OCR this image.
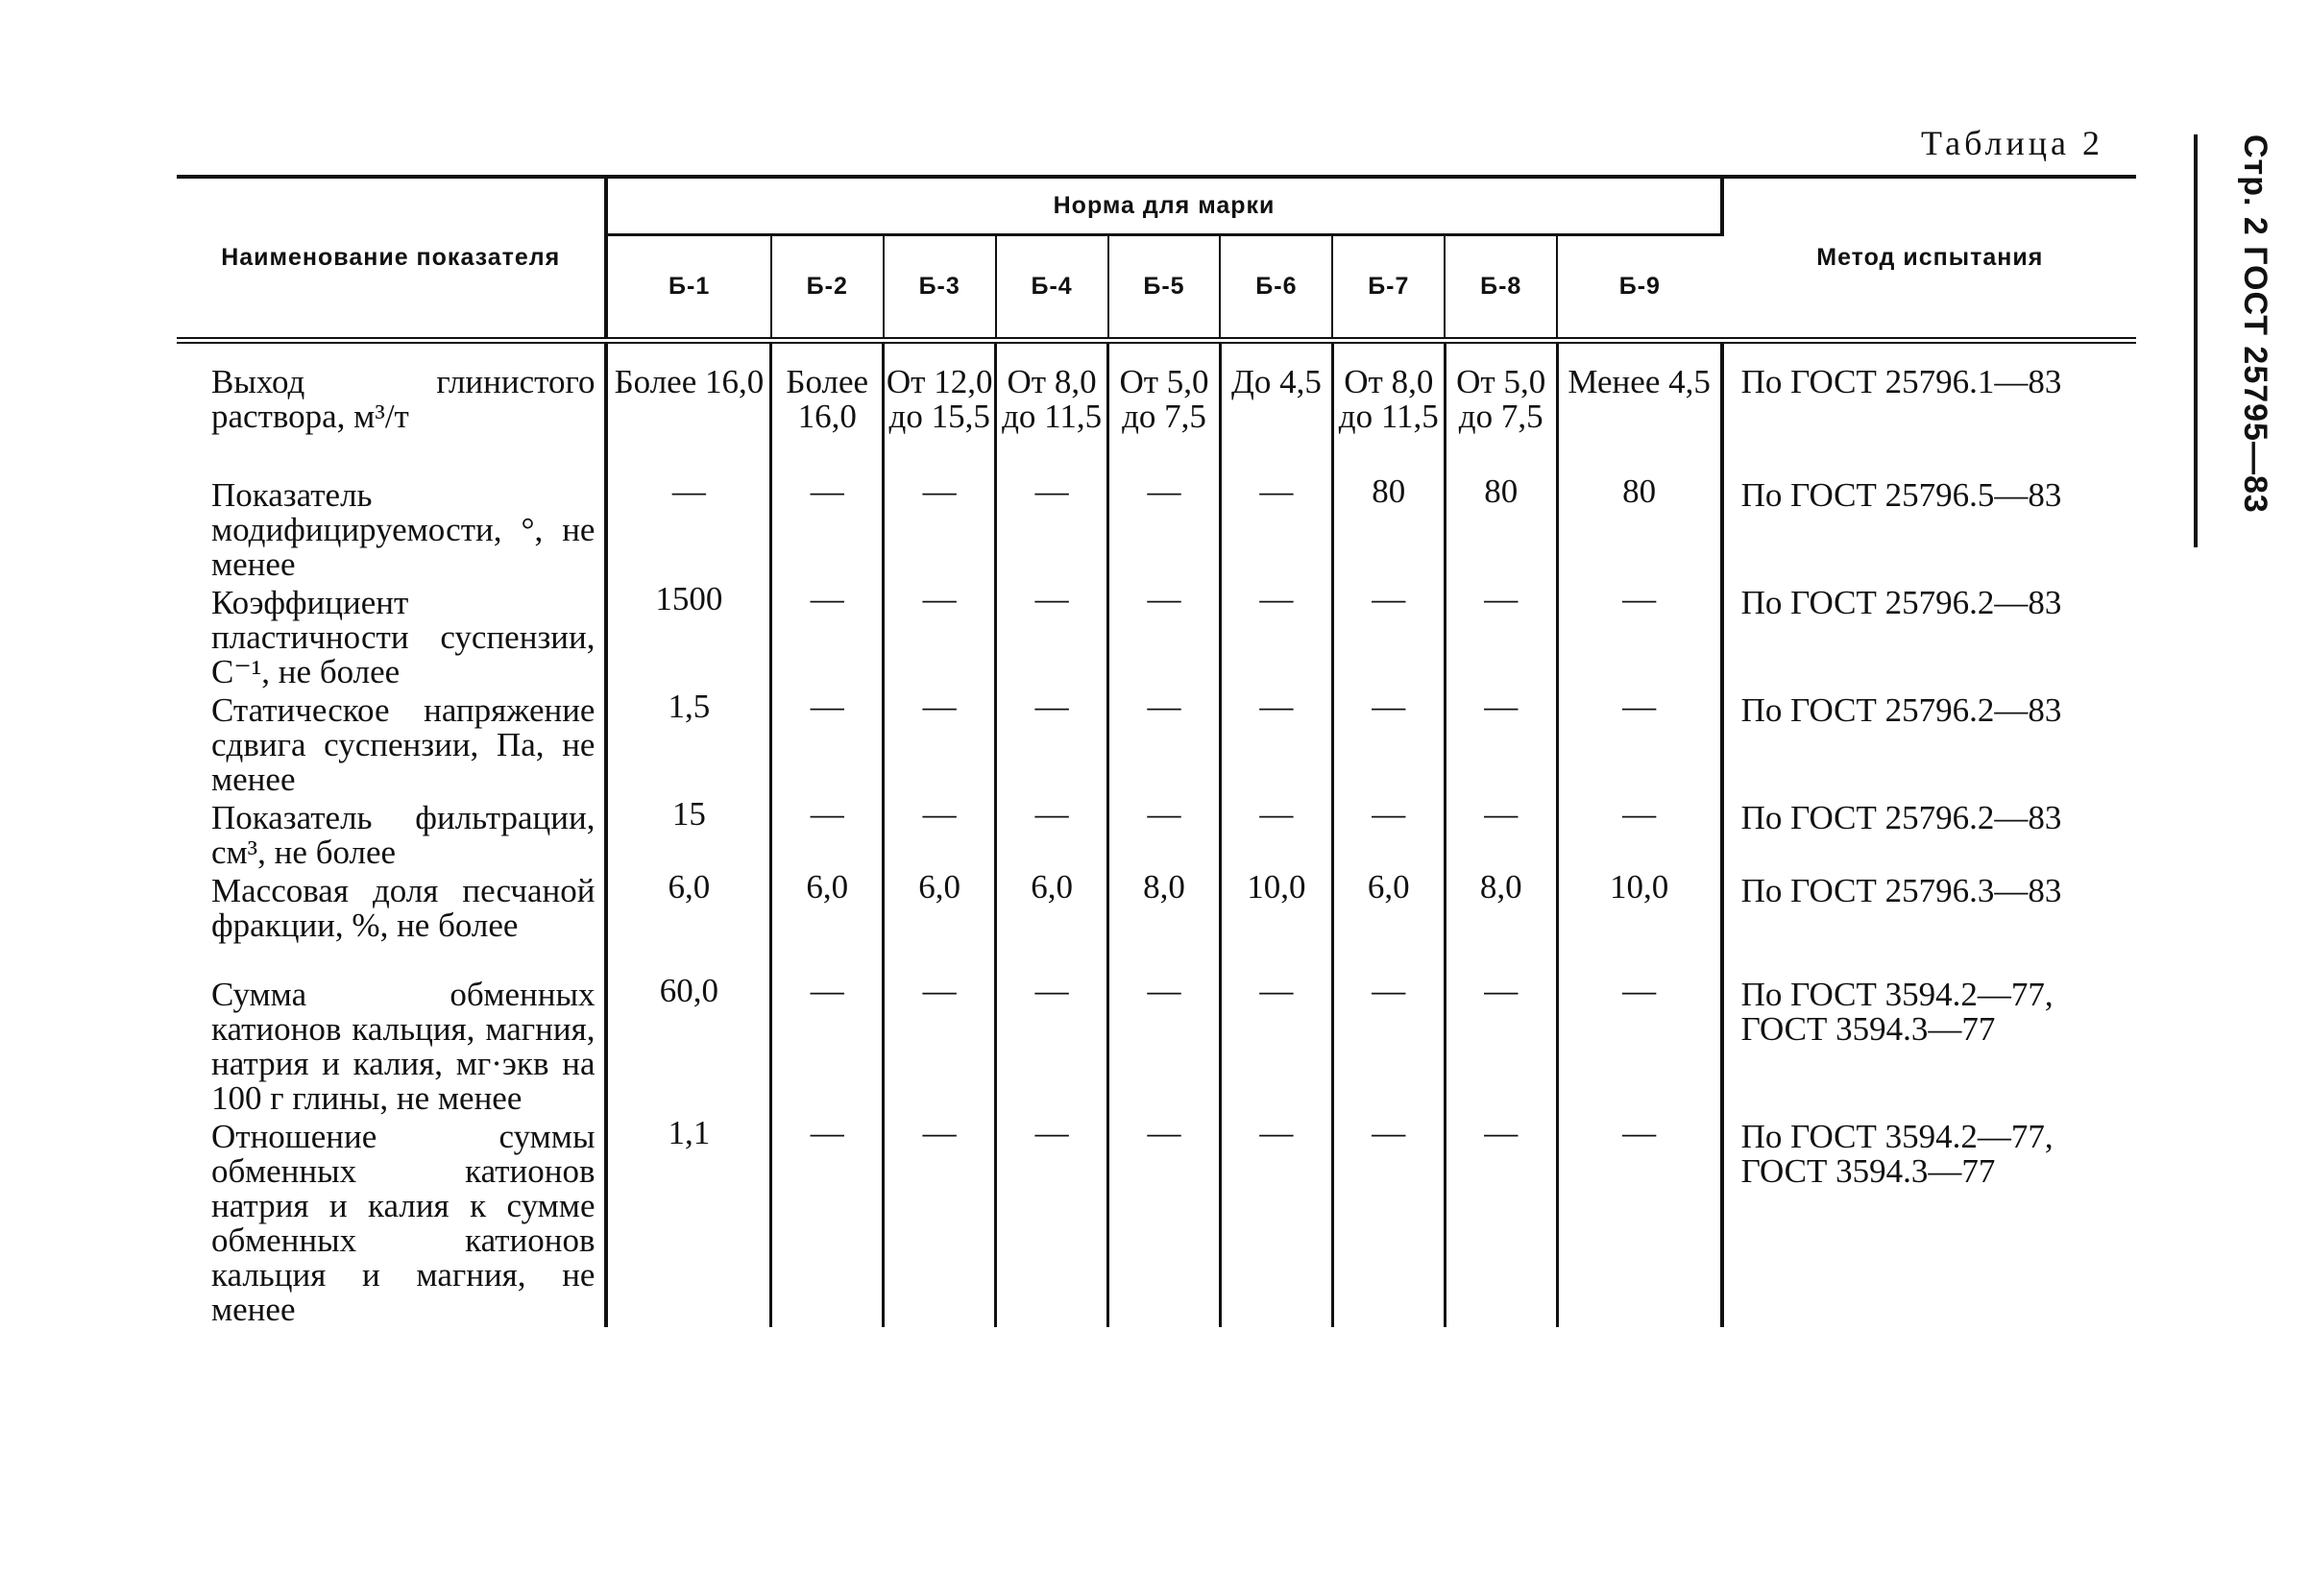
Таблица 2	Стр. 2 ГОСТ 25795—83
Наименование показателя	Норма для марки									Метод испытания
	Б-1	Б-2	Б-3	Б-4	Б-5	Б-6	Б-7	Б-8	Б-9	
Выход глинистого раствора, м³/т	Более 16,0	Более 16,0	От 12,0 до 15,5	От 8,0 до 11,5	От 5,0 до 7,5	До 4,5	От 8,0 до 11,5	От 5,0 до 7,5	Менее 4,5	По ГОСТ 25796.1—83
Показатель модифицируемости, °, не менее	—	—	—	—	—	—	80	80	80	По ГОСТ 25796.5—83
Коэффициент пластичности суспензии, С⁻¹, не более	1500	—	—	—	—	—	—	—	—	По ГОСТ 25796.2—83
Статическое напряжение сдвига суспензии, Па, не менее	1,5	—	—	—	—	—	—	—	—	По ГОСТ 25796.2—83
Показатель фильтрации, см³, не более	15	—	—	—	—	—	—	—	—	По ГОСТ 25796.2—83
Массовая доля песчаной фракции, %, не более	6,0	6,0	6,0	6,0	8,0	10,0	6,0	8,0	10,0	По ГОСТ 25796.3—83
Сумма обменных катионов кальция, магния, натрия и калия, мг·экв на 100 г глины, не менее	60,0	—	—	—	—	—	—	—	—	По ГОСТ 3594.2—77, ГОСТ 3594.3—77
Отношение суммы обменных катионов натрия и калия к сумме обменных катионов кальция и магния, не менее	1,1	—	—	—	—	—	—	—	—	По ГОСТ 3594.2—77, ГОСТ 3594.3—77
